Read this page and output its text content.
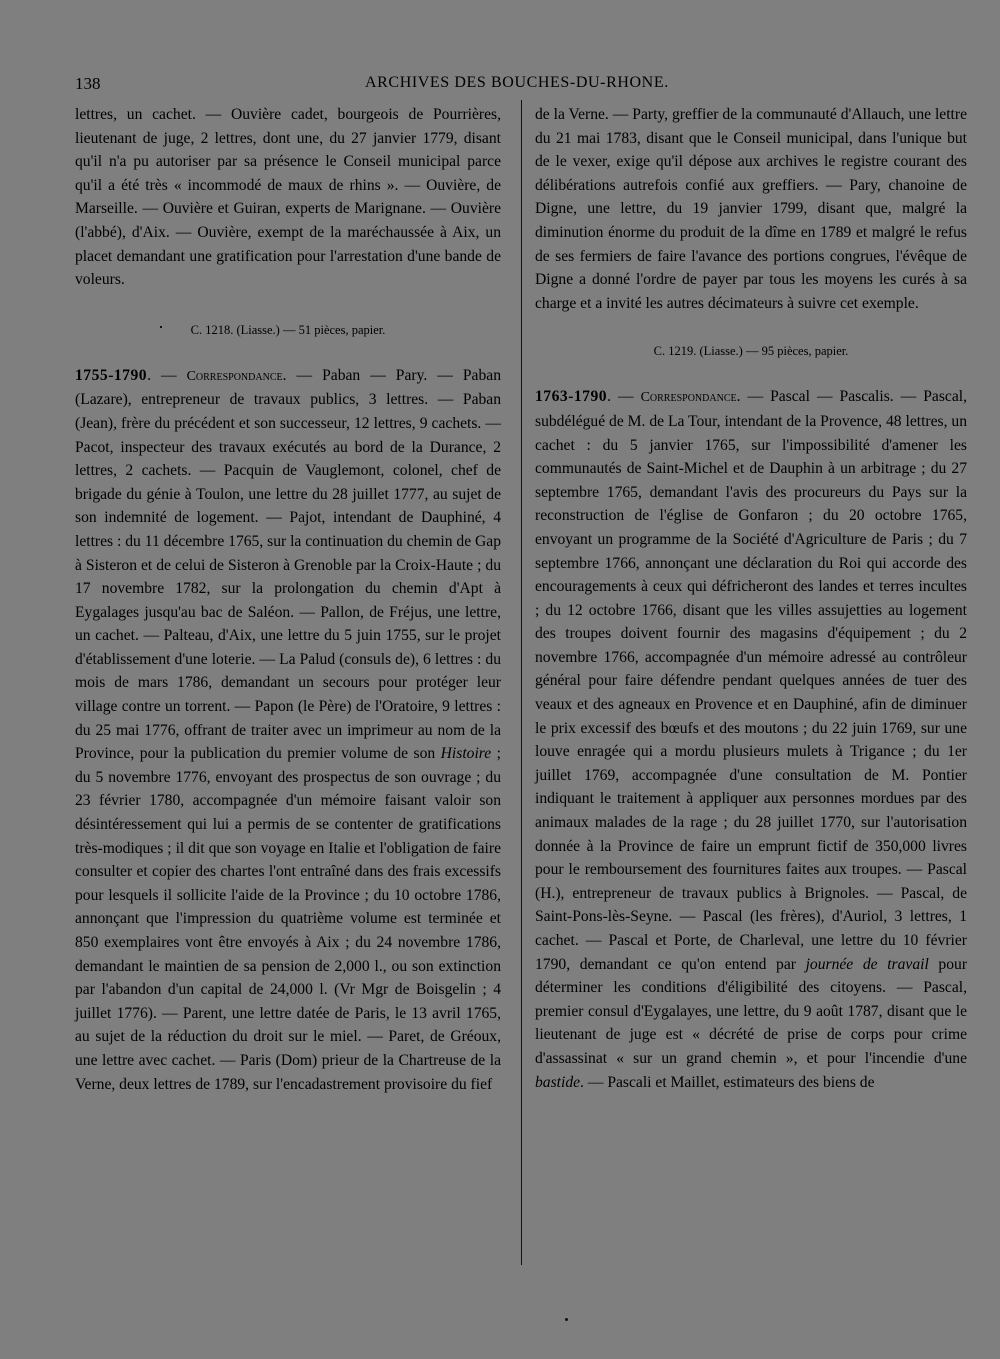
138	ARCHIVES DES BOUCHES-DU-RHONE.

lettres, un cachet. — Ouvière cadet, bourgeois de Pourrières, lieutenant de juge, 2 lettres, dont une, du 27 janvier 1779, disant qu'il n'a pu autoriser par sa présence le Conseil municipal parce qu'il a été très « incommodé de maux de rhins ». — Ouvière, de Marseille. — Ouvière et Guiran, experts de Marignane. — Ouvière (l'abbé), d'Aix. — Ouvière, exempt de la maréchaussée à Aix, un placet demandant une gratification pour l'arrestation d'une bande de voleurs.

C. 1218. (Liasse.) — 51 pièces, papier.

1755-1790. — Correspondance. — Paban — Pary. — Paban (Lazare), entrepreneur de travaux publics, 3 lettres. — Paban (Jean), frère du précédent et son successeur, 12 lettres, 9 cachets. — Pacot, inspecteur des travaux exécutés au bord de la Durance, 2 lettres, 2 cachets. — Pacquin de Vauglemont, colonel, chef de brigade du génie à Toulon, une lettre du 28 juillet 1777, au sujet de son indemnité de logement. — Pajot, intendant de Dauphiné, 4 lettres : du 11 décembre 1765, sur la continuation du chemin de Gap à Sisteron et de celui de Sisteron à Grenoble par la Croix-Haute ; du 17 novembre 1782, sur la prolongation du chemin d'Apt à Eygalages jusqu'au bac de Saléon. — Pallon, de Fréjus, une lettre, un cachet. — Palteau, d'Aix, une lettre du 5 juin 1755, sur le projet d'établissement d'une loterie. — La Palud (consuls de), 6 lettres : du mois de mars 1786, demandant un secours pour protéger leur village contre un torrent. — Papon (le Père) de l'Oratoire, 9 lettres : du 25 mai 1776, offrant de traiter avec un imprimeur au nom de la Province, pour la publication du premier volume de son Histoire ; du 5 novembre 1776, envoyant des prospectus de son ouvrage ; du 23 février 1780, accompagnée d'un mémoire faisant valoir son désintéressement qui lui a permis de se contenter de gratifications très-modiques ; il dit que son voyage en Italie et l'obligation de faire consulter et copier des chartes l'ont entraîné dans des frais excessifs pour lesquels il sollicite l'aide de la Province ; du 10 octobre 1786, annonçant que l'impression du quatrième volume est terminée et 850 exemplaires vont être envoyés à Aix ; du 24 novembre 1786, demandant le maintien de sa pension de 2,000 l., ou son extinction par l'abandon d'un capital de 24,000 l. (Vr Mgr de Boisgelin ; 4 juillet 1776). — Parent, une lettre datée de Paris, le 13 avril 1765, au sujet de la réduction du droit sur le miel. — Paret, de Gréoux, une lettre avec cachet. — Paris (Dom) prieur de la Chartreuse de la Verne, deux lettres de 1789, sur l'encadastrement provisoire du fief

de la Verne. — Party, greffier de la communauté d'Allauch, une lettre du 21 mai 1783, disant que le Conseil municipal, dans l'unique but de le vexer, exige qu'il dépose aux archives le registre courant des délibérations autrefois confié aux greffiers. — Pary, chanoine de Digne, une lettre, du 19 janvier 1799, disant que, malgré la diminution énorme du produit de la dîme en 1789 et malgré le refus de ses fermiers de faire l'avance des portions congrues, l'évêque de Digne a donné l'ordre de payer par tous les moyens les curés à sa charge et a invité les autres décimateurs à suivre cet exemple.

C. 1219. (Liasse.) — 95 pièces, papier.

1763-1790. — Correspondance. — Pascal — Pascalis. — Pascal, subdélégué de M. de La Tour, intendant de la Provence, 48 lettres, un cachet : du 5 janvier 1765, sur l'impossibilité d'amener les communautés de Saint-Michel et de Dauphin à un arbitrage ; du 27 septembre 1765, demandant l'avis des procureurs du Pays sur la reconstruction de l'église de Gonfaron ; du 20 octobre 1765, envoyant un programme de la Société d'Agriculture de Paris ; du 7 septembre 1766, annonçant une déclaration du Roi qui accorde des encouragements à ceux qui défricheront des landes et terres incultes ; du 12 octobre 1766, disant que les villes assujetties au logement des troupes doivent fournir des magasins d'équipement ; du 2 novembre 1766, accompagnée d'un mémoire adressé au contrôleur général pour faire défendre pendant quelques années de tuer des veaux et des agneaux en Provence et en Dauphiné, afin de diminuer le prix excessif des bœufs et des moutons ; du 22 juin 1769, sur une louve enragée qui a mordu plusieurs mulets à Trigance ; du 1er juillet 1769, accompagnée d'une consultation de M. Pontier indiquant le traitement à appliquer aux personnes mordues par des animaux malades de la rage ; du 28 juillet 1770, sur l'autorisation donnée à la Province de faire un emprunt fictif de 350,000 livres pour le remboursement des fournitures faites aux troupes. — Pascal (H.), entrepreneur de travaux publics à Brignoles. — Pascal, de Saint-Pons-lès-Seyne. — Pascal (les frères), d'Auriol, 3 lettres, 1 cachet. — Pascal et Porte, de Charleval, une lettre du 10 février 1790, demandant ce qu'on entend par journée de travail pour déterminer les conditions d'éligibilité des citoyens. — Pascal, premier consul d'Eygalayes, une lettre, du 9 août 1787, disant que le lieutenant de juge est « décrété de prise de corps pour crime d'assassinat « sur un grand chemin », et pour l'incendie d'une bastide. — Pascali et Maillet, estimateurs des biens de
